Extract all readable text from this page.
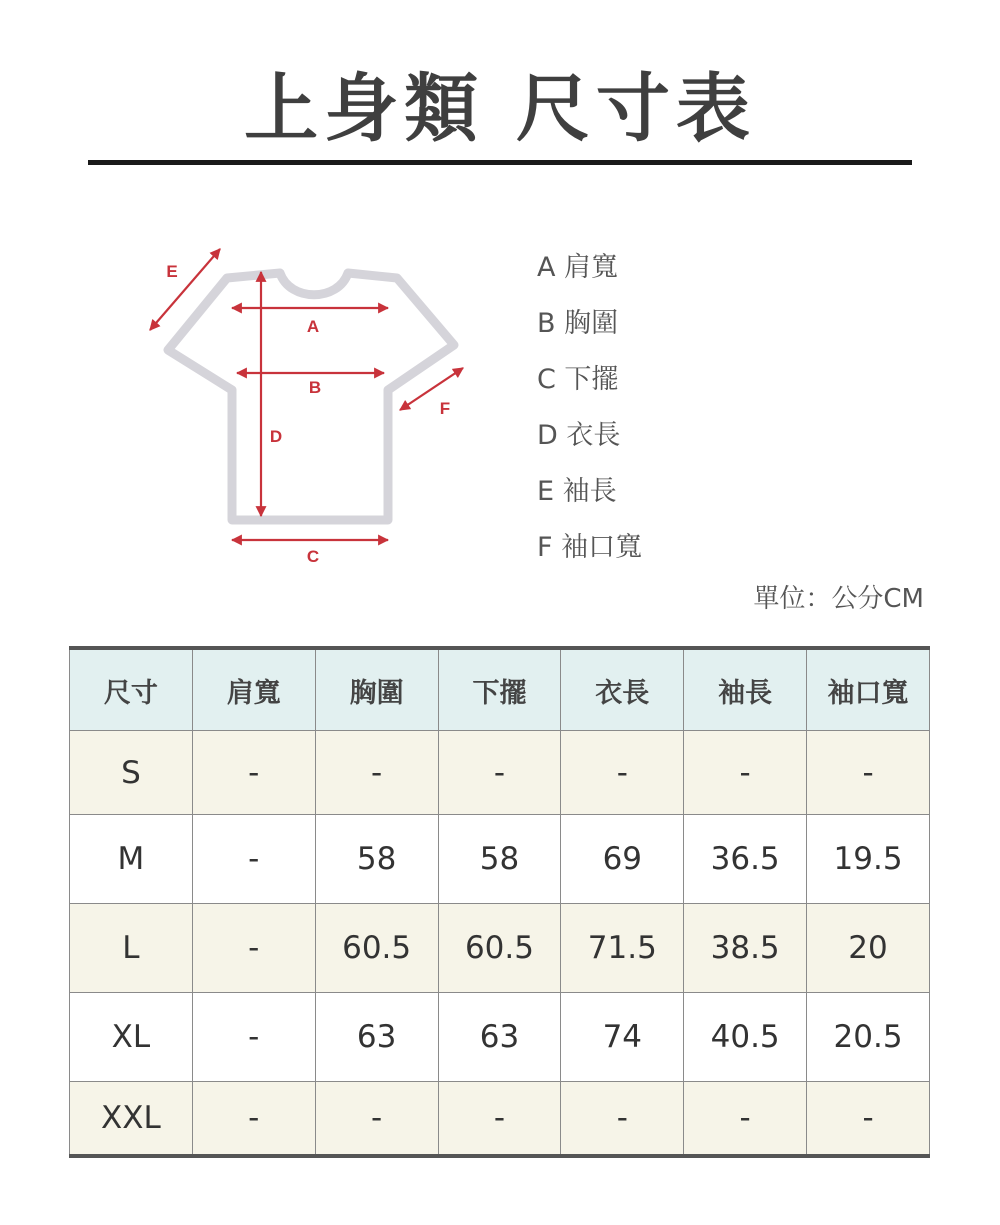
上身類 尺寸表
E
A
B
D
F
C
A 肩寬
B 胸圍
C 下擺
D 衣長
E 袖長
F 袖口寬
單位：公分CM
尺寸	肩寬	胸圍	下擺	衣長	袖長	袖口寬
S	-	-	-	-	-	-
M	-	58	58	69	36.5	19.5
L	-	60.5	60.5	71.5	38.5	20
XL	-	63	63	74	40.5	20.5
XXL	-	-	-	-	-	-
